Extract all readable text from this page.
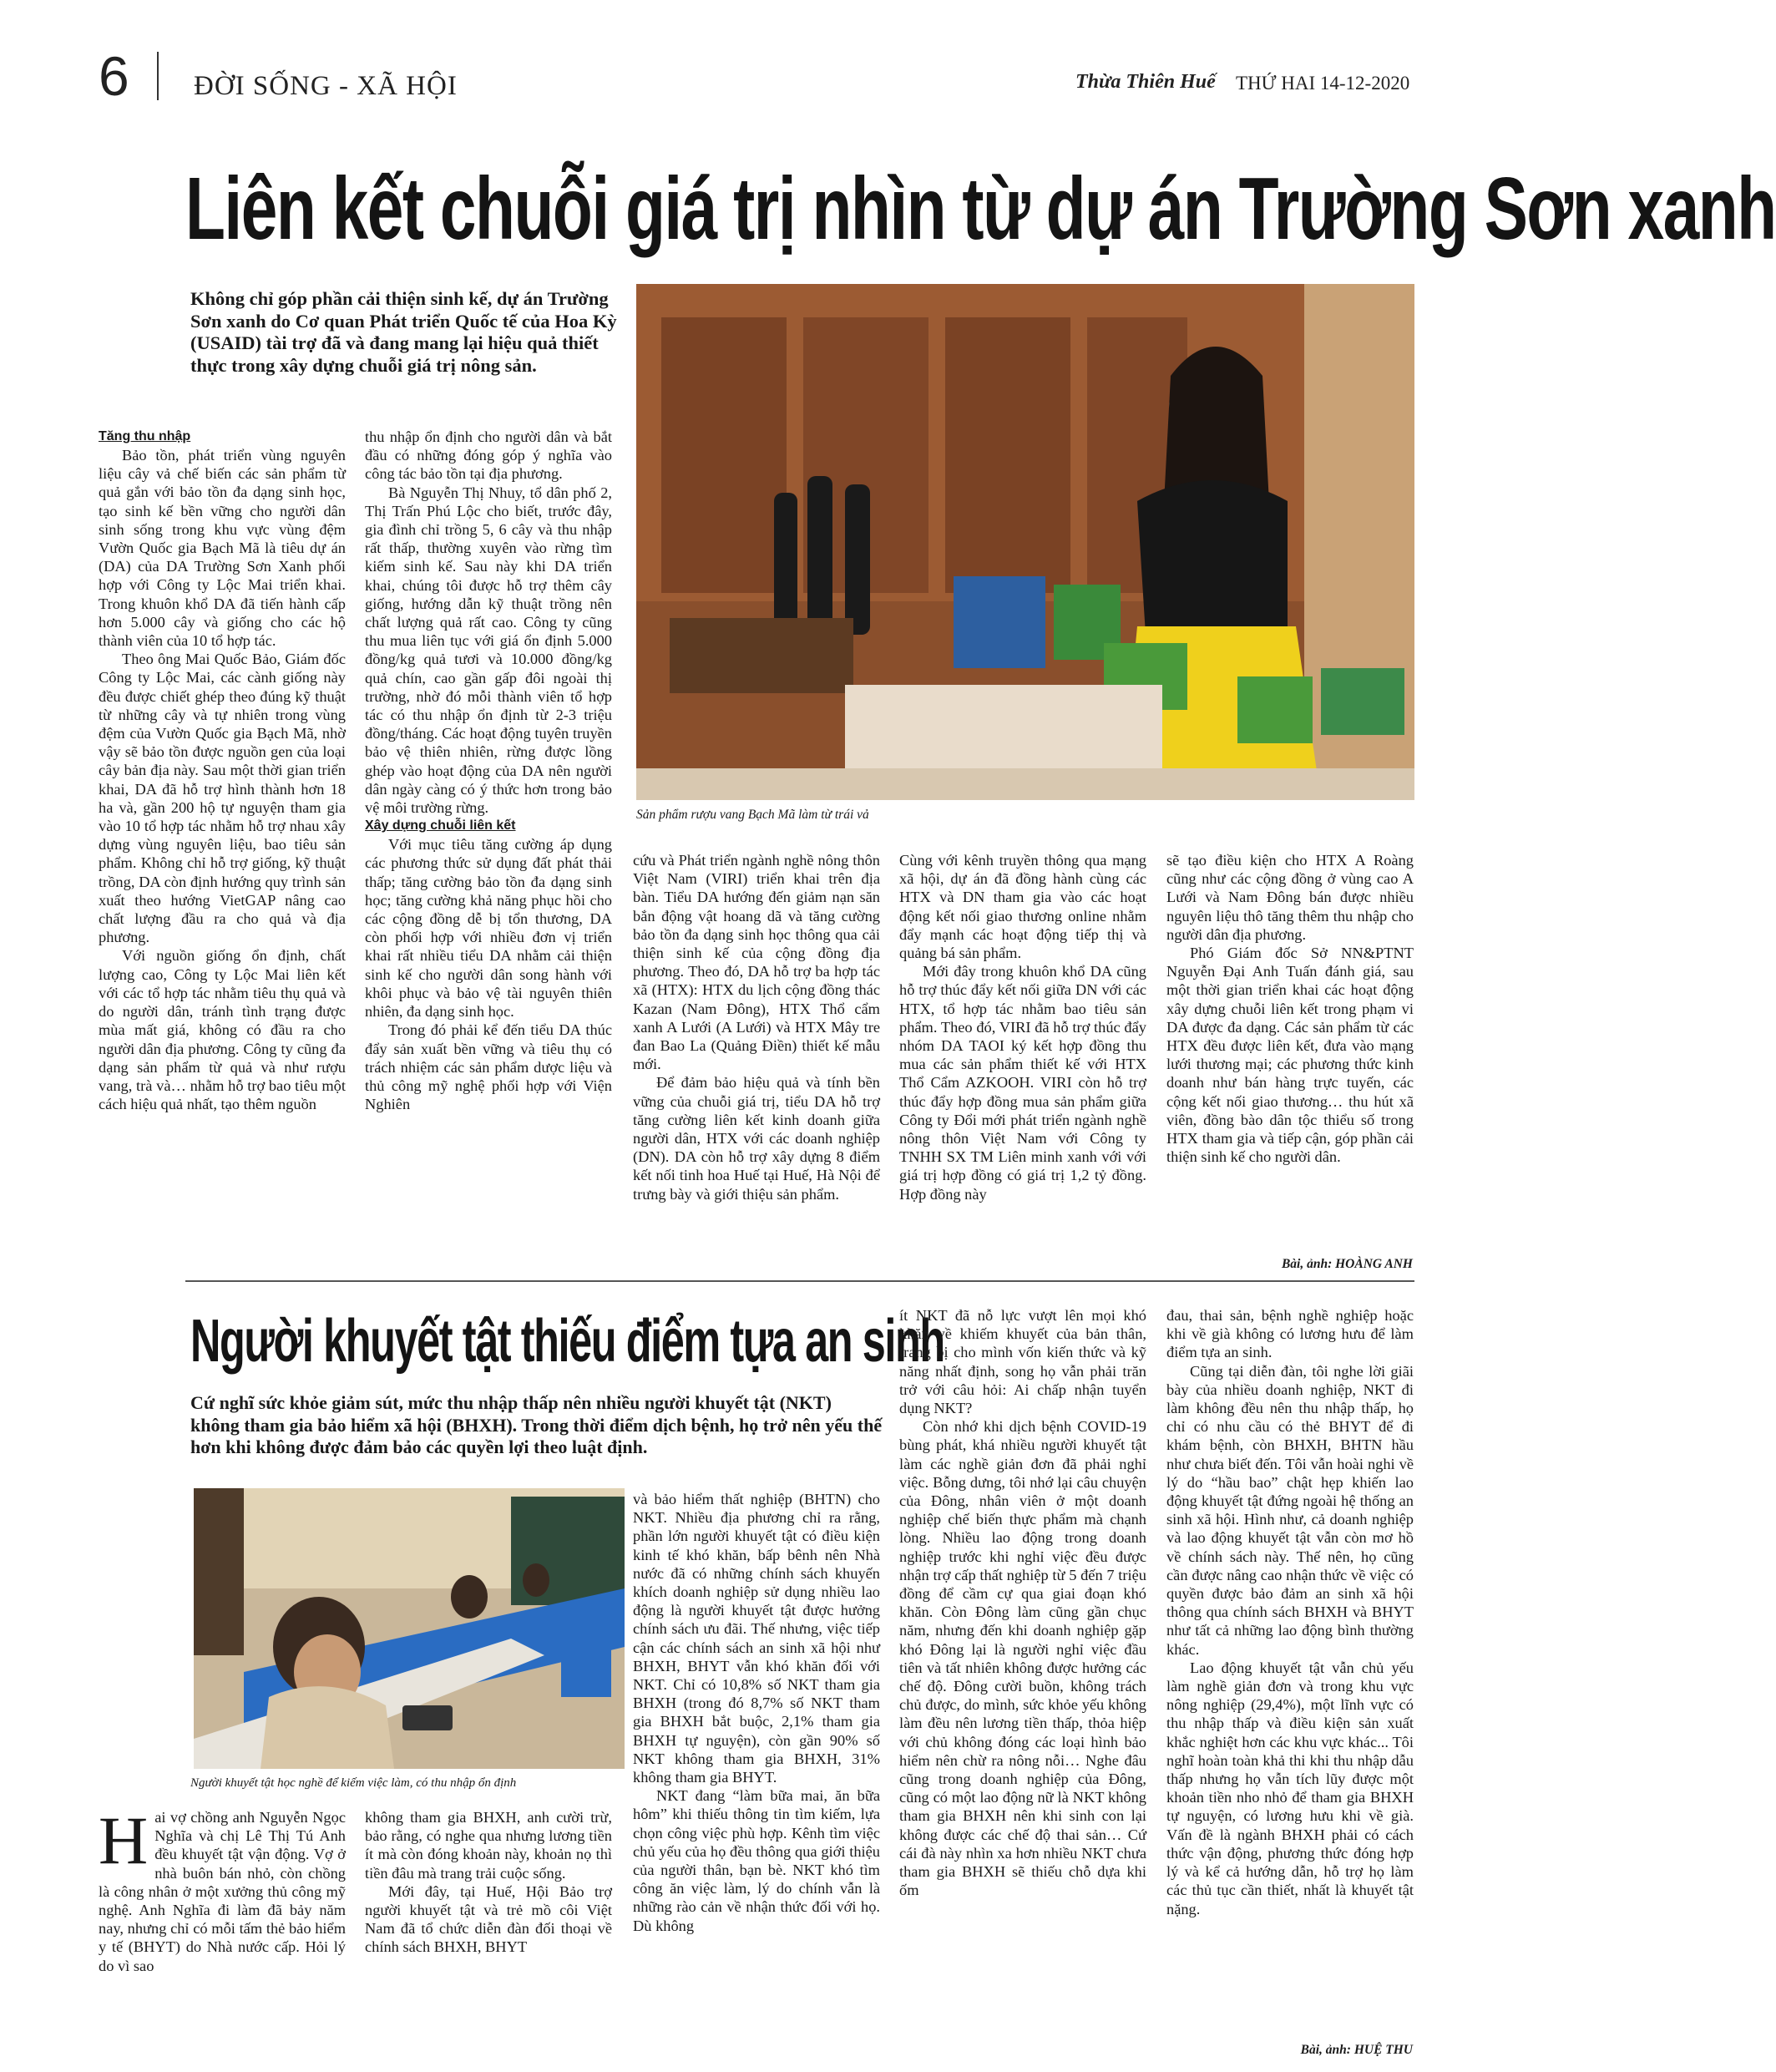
6 ĐỜI SỐNG - XÃ HỘI	Thừa Thiên Huế THỨ HAI 14-12-2020
Liên kết chuỗi giá trị nhìn từ dự án Trường Sơn xanh
Không chỉ góp phần cải thiện sinh kế, dự án Trường Sơn xanh do Cơ quan Phát triển Quốc tế của Hoa Kỳ (USAID) tài trợ đã và đang mang lại hiệu quả thiết thực trong xây dựng chuỗi giá trị nông sản.
Sản phẩm rượu vang Bạch Mã làm từ trái vả
Tăng thu nhập

Bảo tồn, phát triển vùng nguyên liệu cây vả chế biến các sản phẩm từ quả gắn với bảo tồn đa dạng sinh học, tạo sinh kế bền vững cho người dân sinh sống trong khu vực vùng đệm Vườn Quốc gia Bạch Mã là tiêu dự án (DA) của DA Trường Sơn Xanh phối hợp với Công ty Lộc Mai triển khai. Trong khuôn khổ DA đã tiến hành cấp hơn 5.000 cây và giống cho các hộ thành viên của 10 tổ hợp tác.

Theo ông Mai Quốc Bảo, Giám đốc Công ty Lộc Mai, các cành giống này đều được chiết ghép theo đúng kỹ thuật từ những cây và tự nhiên trong vùng đệm của Vườn Quốc gia Bạch Mã, nhờ vậy sẽ bảo tồn được nguồn gen của loại cây bản địa này. Sau một thời gian triển khai, DA đã hỗ trợ hình thành hơn 18 ha và, gần 200 hộ tự nguyện tham gia vào 10 tổ hợp tác nhằm hỗ trợ nhau xây dựng vùng nguyên liệu, bao tiêu sản phẩm. Không chỉ hỗ trợ giống, kỹ thuật trồng, DA còn định hướng quy trình sản xuất theo hướng VietGAP nâng cao chất lượng đầu ra cho quả và địa phương.

Với nguồn giống ổn định, chất lượng cao, Công ty Lộc Mai liên kết với các tổ hợp tác nhằm tiêu thụ quả và do người dân, tránh tình trạng được mùa mất giá, không có đầu ra cho người dân địa phương. Công ty cũng đa dạng sản phẩm từ quả và như rượu vang, trà và… nhằm hỗ trợ bao tiêu một cách hiệu quả nhất, tạo thêm nguồn

thu nhập ổn định cho người dân và bắt đầu có những đóng góp ý nghĩa vào công tác bảo tồn tại địa phương.

Bà Nguyễn Thị Nhuy, tổ dân phố 2, Thị Trấn Phú Lộc cho biết, trước đây, gia đình chỉ trồng 5, 6 cây và thu nhập rất thấp, thường xuyên vào rừng tìm kiếm sinh kế. Sau này khi DA triển khai, chúng tôi được hỗ trợ thêm cây giống, hướng dẫn kỹ thuật trồng nên chất lượng quả rất cao. Công ty cũng thu mua liên tục với giá ổn định 5.000 đồng/kg quả tươi và 10.000 đồng/kg quả chín, cao gần gấp đôi ngoài thị trường, nhờ đó mỗi thành viên tổ hợp tác có thu nhập ổn định từ 2-3 triệu đồng/tháng. Các hoạt động tuyên truyền bảo vệ thiên nhiên, rừng được lồng ghép vào hoạt động của DA nên người dân ngày càng có ý thức hơn trong bảo vệ môi trường rừng.

Xây dựng chuỗi liên kết

Với mục tiêu tăng cường áp dụng các phương thức sử dụng đất phát thải thấp; tăng cường bảo tồn đa dạng sinh học; tăng cường khả năng phục hồi cho các cộng đồng dễ bị tổn thương, DA còn phối hợp với nhiều đơn vị triển khai rất nhiều tiểu DA nhằm cải thiện sinh kế cho người dân song hành với khôi phục và bảo vệ tài nguyên thiên nhiên, đa dạng sinh học.

Trong đó phải kể đến tiểu DA thúc đẩy sản xuất bền vững và tiêu thụ có trách nhiệm các sản phẩm dược liệu và thủ công mỹ nghệ phối hợp với Viện Nghiên

cứu và Phát triển ngành nghề nông thôn Việt Nam (VIRI) triển khai trên địa bàn. Tiểu DA hướng đến giảm nạn săn bắn động vật hoang dã và tăng cường bảo tồn đa dạng sinh học thông qua cải thiện sinh kế của cộng đồng địa phương. Theo đó, DA hỗ trợ ba hợp tác xã (HTX): HTX du lịch cộng đồng thác Kazan (Nam Đông), HTX Thổ cẩm xanh A Lưới (A Lưới) và HTX Mây tre đan Bao La (Quảng Điền) thiết kế mẫu mới.

Để đảm bảo hiệu quả và tính bền vững của chuỗi giá trị, tiểu DA hỗ trợ tăng cường liên kết kinh doanh giữa người dân, HTX với các doanh nghiệp (DN). DA còn hỗ trợ xây dựng 8 điểm kết nối tinh hoa Huế tại Huế, Hà Nội để trưng bày và giới thiệu sản phẩm.

Cùng với kênh truyền thông qua mạng xã hội, dự án đã đồng hành cùng các HTX và DN tham gia vào các hoạt động kết nối giao thương online nhằm đẩy mạnh các hoạt động tiếp thị và quảng bá sản phẩm.

Mới đây trong khuôn khổ DA cũng hỗ trợ thúc đẩy kết nối giữa DN với các HTX, tổ hợp tác nhằm bao tiêu sản phẩm. Theo đó, VIRI đã hỗ trợ thúc đẩy nhóm DA TAOI ký kết hợp đồng thu mua các sản phẩm thiết kế với HTX Thổ Cẩm AZKOOH. VIRI còn hỗ trợ thúc đẩy hợp đồng mua sản phẩm giữa Công ty Đổi mới phát triển ngành nghề nông thôn Việt Nam với Công ty TNHH SX TM Liên minh xanh với với giá trị hợp đồng có giá trị 1,2 tỷ đồng. Hợp đồng này

sẽ tạo điều kiện cho HTX A Roàng cũng như các cộng đồng ở vùng cao A Lưới và Nam Đông bán được nhiều nguyên liệu thô tăng thêm thu nhập cho người dân địa phương.

Phó Giám đốc Sở NN&PTNT Nguyễn Đại Anh Tuấn đánh giá, sau một thời gian triển khai các hoạt động xây dựng chuỗi liên kết trong phạm vi DA được đa dạng. Các sản phẩm từ các HTX đều được liên kết, đưa vào mạng lưới thương mại; các phương thức kinh doanh như bán hàng trực tuyến, các cộng kết nối giao thương… thu hút xã viên, đồng bào dân tộc thiểu số trong HTX tham gia và tiếp cận, góp phần cải thiện sinh kế cho người dân.

Bài, ảnh: HOÀNG ANH
Người khuyết tật thiếu điểm tựa an sinh
Cứ nghĩ sức khỏe giảm sút, mức thu nhập thấp nên nhiều người khuyết tật (NKT) không tham gia bảo hiểm xã hội (BHXH). Trong thời điểm dịch bệnh, họ trở nên yếu thế hơn khi không được đảm bảo các quyền lợi theo luật định.
Người khuyết tật học nghề để kiếm việc làm, có thu nhập ổn định

H ai vợ chồng anh Nguyễn Ngọc Nghĩa và chị Lê Thị Tú Anh đều khuyết tật vận động. Vợ ở nhà buôn bán nhỏ, còn chồng là công nhân ở một xưởng thủ công mỹ nghệ. Anh Nghĩa đi làm đã bảy năm nay, nhưng chỉ có mỗi tấm thẻ bảo hiểm y tế (BHYT) do Nhà nước cấp. Hỏi lý do vì sao

không tham gia BHXH, anh cười trừ, bảo rằng, có nghe qua nhưng lương tiền ít mà còn đóng khoản này, khoản nọ thì tiền đâu mà trang trải cuộc sống.

Mới đây, tại Huế, Hội Bảo trợ người khuyết tật và trẻ mồ côi Việt Nam đã tổ chức diễn đàn đối thoại về chính sách BHXH, BHYT

và bảo hiểm thất nghiệp (BHTN) cho NKT. Nhiều địa phương chỉ ra rằng, phần lớn người khuyết tật có điều kiện kinh tế khó khăn, bấp bênh nên Nhà nước đã có những chính sách khuyến khích doanh nghiệp sử dụng nhiều lao động là người khuyết tật được hưởng chính sách ưu đãi. Thế nhưng, việc tiếp cận các chính sách an sinh xã hội như BHXH, BHYT vẫn khó khăn đối với NKT. Chỉ có 10,8% số NKT tham gia BHXH (trong đó 8,7% số NKT tham gia BHXH bắt buộc, 2,1% tham gia BHXH tự nguyện), còn gần 90% số NKT không tham gia BHXH, 31% không tham gia BHYT.

NKT đang “làm bữa mai, ăn bữa hôm” khi thiếu thông tin tìm kiếm, lựa chọn công việc phù hợp. Kênh tìm việc chủ yếu của họ đều thông qua giới thiệu của người thân, bạn bè. NKT khó tìm công ăn việc làm, lý do chính vẫn là những rào cản về nhận thức đối với họ. Dù không

ít NKT đã nỗ lực vượt lên mọi khó khăn về khiếm khuyết của bản thân, trang bị cho mình vốn kiến thức và kỹ năng nhất định, song họ vẫn phải trăn trở với câu hỏi: Ai chấp nhận tuyển dụng NKT?

Còn nhớ khi dịch bệnh COVID-19 bùng phát, khá nhiều người khuyết tật làm các nghề giản đơn đã phải nghỉ việc. Bỗng dưng, tôi nhớ lại câu chuyện của Đông, nhân viên ở một doanh nghiệp chế biến thực phẩm mà chạnh lòng. Nhiều lao động trong doanh nghiệp trước khi nghỉ việc đều được nhận trợ cấp thất nghiệp từ 5 đến 7 triệu đồng để cầm cự qua giai đoạn khó khăn. Còn Đông làm cũng gần chục năm, nhưng đến khi doanh nghiệp gặp khó Đông lại là người nghỉ việc đầu tiên và tất nhiên không được hưởng các chế độ. Đông cười buồn, không trách chủ được, do mình, sức khỏe yếu không làm đều nên lương tiền thấp, thỏa hiệp với chủ không đóng các loại hình bảo hiểm nên chừ ra nông nỗi… Nghe đâu cũng trong doanh nghiệp của Đông, cũng có một lao động nữ là NKT không tham gia BHXH nên khi sinh con lại không được các chế độ thai sản… Cứ cái đà này nhìn xa hơn nhiều NKT chưa tham gia BHXH sẽ thiếu chỗ dựa khi ốm

đau, thai sản, bệnh nghề nghiệp hoặc khi về già không có lương hưu để làm điểm tựa an sinh.

Cũng tại diễn đàn, tôi nghe lời giãi bày của nhiều doanh nghiệp, NKT đi làm không đều nên thu nhập thấp, họ chỉ có nhu cầu có thẻ BHYT để đi khám bệnh, còn BHXH, BHTN hầu như chưa biết đến. Tôi vẫn hoài nghi về lý do “hầu bao” chật hẹp khiến lao động khuyết tật đứng ngoài hệ thống an sinh xã hội. Hình như, cả doanh nghiệp và lao động khuyết tật vẫn còn mơ hồ về chính sách này. Thế nên, họ cũng cần được nâng cao nhận thức về việc có quyền được bảo đảm an sinh xã hội thông qua chính sách BHXH và BHYT như tất cả những lao động bình thường khác.

Lao động khuyết tật vẫn chủ yếu làm nghề giản đơn và trong khu vực nông nghiệp (29,4%), một lĩnh vực có thu nhập thấp và điều kiện sản xuất khắc nghiệt hơn các khu vực khác... Tôi nghĩ hoàn toàn khả thi khi thu nhập dẫu thấp nhưng họ vẫn tích lũy được một khoản tiền nho nhỏ để tham gia BHXH tự nguyện, có lương hưu khi về già. Vấn đề là ngành BHXH phải có cách thức vận động, phương thức đóng hợp lý và kể cả hướng dẫn, hỗ trợ họ làm các thủ tục cần thiết, nhất là khuyết tật nặng.

Bài, ảnh: HUỆ THU
